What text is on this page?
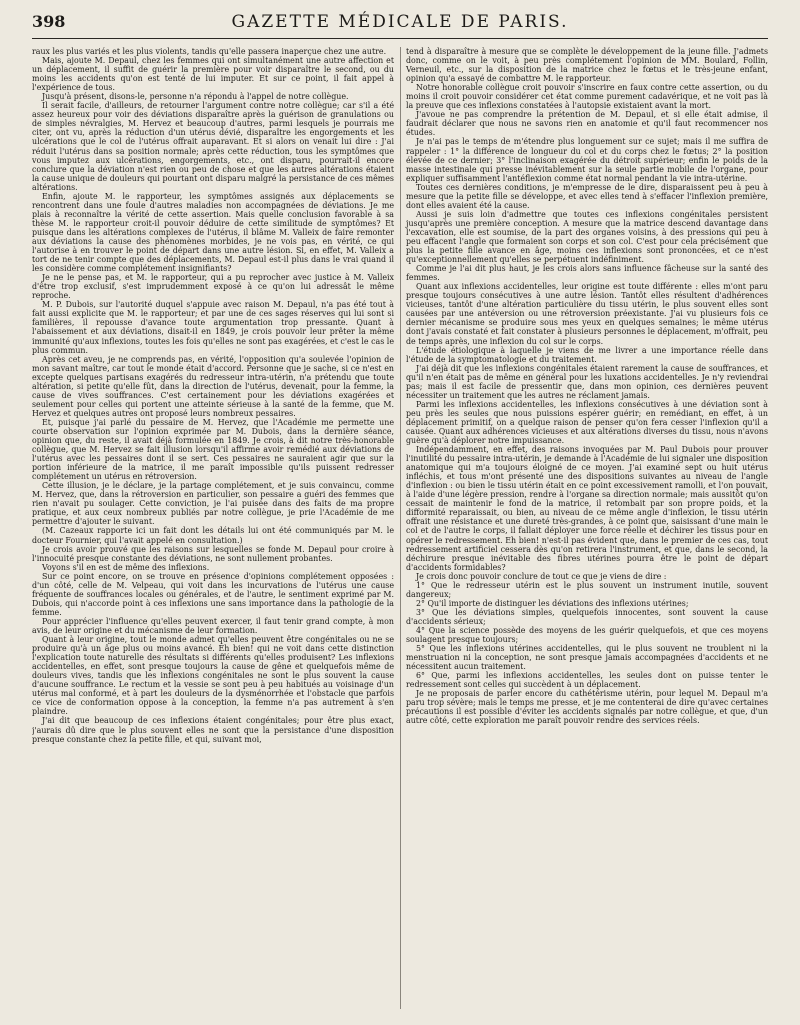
398	GAZETTE MÉDICALE DE PARIS.

raux les plus variés et les plus violents, tandis qu'elle passera inaperçue chez une autre.

Mais, ajoute M. Depaul, chez les femmes qui ont simultanément une autre affection et un déplacement, il suffit de guérir la première pour voir disparaître le second, ou du moins les accidents qu'on est tenté de lui imputer. Et sur ce point, il fait appel à l'expérience de tous.

Jusqu'à présent, disons-le, personne n'a répondu à l'appel de notre collègue.

Il serait facile, d'ailleurs, de retourner l'argument contre notre collègue; car s'il a été assez heureux pour voir des déviations disparaître après la guérison de granulations ou de simples névralgies, M. Hervez et beaucoup d'autres, parmi lesquels je pourrais me citer, ont vu, après la réduction d'un utérus dévié, disparaître les engorgements et les ulcérations que le col de l'utérus offrait auparavant. Et si alors on venait lui dire : J'ai réduit l'utérus dans sa position normale; après cette réduction, tous les symptômes que vous imputez aux ulcérations, engorgements, etc., ont disparu, pourrait-il encore conclure que la déviation n'est rien ou peu de chose et que les autres altérations étaient la cause unique de douleurs qui pourtant ont disparu malgré la persistance de ces mêmes altérations.

Enfin, ajoute M. le rapporteur, les symptômes assignés aux déplacements se rencontrent dans une foule d'autres maladies non accompagnées de déviations. Je me plais à reconnaître la vérité de cette assertion. Mais quelle conclusion favorable à sa thèse M. le rapporteur croit-il pouvoir déduire de cette similitude de symptômes? Et puisque dans les altérations complexes de l'utérus, il blâme M. Valleix de faire remonter aux déviations la cause des phénomènes morbides, je ne vois pas, en vérité, ce qui l'autorise à en trouver le point de départ dans une autre lésion. Si, en effet, M. Valleix a tort de ne tenir compte que des déplacements, M. Depaul est-il plus dans le vrai quand il les considère comme complétement insignifiants?

Je ne le pense pas, et M. le rapporteur, qui a pu reprocher avec justice à M. Valleix d'être trop exclusif, s'est imprudemment exposé à ce qu'on lui adressât le même reproche.

M. P. Dubois, sur l'autorité duquel s'appuie avec raison M. Depaul, n'a pas été tout à fait aussi explicite que M. le rapporteur; et par une de ces sages réserves qui lui sont si familières, il repousse d'avance toute argumentation trop pressante. Quant à l'abaissement et aux déviations, disait-il en 1849, je crois pouvoir leur prêter la même immunité qu'aux inflexions, toutes les fois qu'elles ne sont pas exagérées, et c'est le cas le plus commun.

Après cet aveu, je ne comprends pas, en vérité, l'opposition qu'a soulevée l'opinion de mon savant maître, car tout le monde était d'accord. Personne que je sache, si ce n'est en excepte quelques partisans exagérés du redresseur intra-utérin, n'a prétendu que toute altération, si petite qu'elle fût, dans la direction de l'utérus, devenait, pour la femme, la cause de vives souffrances. C'est certainement pour les déviations exagérées et seulement pour celles qui portent une atteinte sérieuse à la santé de la femme, que M. Hervez et quelques autres ont proposé leurs nombreux pessaires.

Et, puisque j'ai parlé du pessaire de M. Hervez, que l'Académie me permette une courte observation sur l'opinion exprimée par M. Dubois, dans la dernière séance, opinion que, du reste, il avait déjà formulée en 1849. Je crois, à dit notre très-honorable collègue, que M. Hervez se fait illusion lorsqu'il affirme avoir remédié aux déviations de l'utérus avec les pessaires dont il se sert. Ces pessaires ne sauraient agir que sur la portion inférieure de la matrice, il me paraît impossible qu'ils puissent redresser complétement un utérus en rétroversion.

Cette illusion, je le déclare, je la partage complétement, et je suis convaincu, comme M. Hervez, que, dans la rétroversion en particulier, son pessaire a guéri des femmes que rien n'avait pu soulager. Cette conviction, je l'ai puisée dans des faits de ma propre pratique, et aux ceux nombreux publiés par notre collègue, je prie l'Académie de me permettre d'ajouter le suivant.

(M. Cazeaux rapporte ici un fait dont les détails lui ont été communiqués par M. le docteur Fournier, qui l'avait appelé en consultation.)

Je crois avoir prouvé que les raisons sur lesquelles se fonde M. Depaul pour croire à l'innocuité presque constante des déviations, ne sont nullement probantes.

Voyons s'il en est de même des inflexions.

Sur ce point encore, on se trouve en présence d'opinions complétement opposées : d'un côté, celle de M. Velpeau, qui voit dans les incurvations de l'utérus une cause fréquente de souffrances locales ou générales, et de l'autre, le sentiment exprimé par M. Dubois, qui n'accorde point à ces inflexions une sans importance dans la pathologie de la femme.

Pour apprécier l'influence qu'elles peuvent exercer, il faut tenir grand compte, à mon avis, de leur origine et du mécanisme de leur formation.

Quant à leur origine, tout le monde admet qu'elles peuvent être congénitales ou ne se produire qu'à un âge plus ou moins avancé. Eh bien! qui ne voit dans cette distinction l'explication toute naturelle des résultats si différents qu'elles produisent? Les inflexions accidentelles, en effet, sont presque toujours la cause de gêne et quelquefois même de douleurs vives, tandis que les inflexions congénitales ne sont le plus souvent la cause d'aucune souffrance. Le rectum et la vessie se sont peu à peu habitués au voisinage d'un utérus mal conformé, et à part les douleurs de la dysménorrhée et l'obstacle que parfois ce vice de conformation oppose à la conception, la femme n'a pas autrement à s'en plaindre.

J'ai dit que beaucoup de ces inflexions étaient congénitales; pour être plus exact, j'aurais dû dire que le plus souvent elles ne sont que la persistance d'une disposition presque constante chez la petite fille, et qui, suivant moi,

tend à disparaître à mesure que se complète le développement de la jeune fille. J'admets donc, comme on le voit, à peu près complétement l'opinion de MM. Boulard, Follin, Verneuil, etc., sur la disposition de la matrice chez le fœtus et le très-jeune enfant, opinion qu'a essayé de combattre M. le rapporteur.

Notre honorable collègue croit pouvoir s'inscrire en faux contre cette assertion, ou du moins il croit pouvoir considérer cet état comme purement cadavérique, et ne voit pas là la preuve que ces inflexions constatées à l'autopsie existaient avant la mort.

J'avoue ne pas comprendre la prétention de M. Depaul, et si elle était admise, il faudrait déclarer que nous ne savons rien en anatomie et qu'il faut recommencer nos études.

Je n'ai pas le temps de m'étendre plus longuement sur ce sujet; mais il me suffira de rappeler : 1° la différence de longueur du col et du corps chez le fœtus; 2° la position élevée de ce dernier; 3° l'inclinaison exagérée du détroit supérieur; enfin le poids de la masse intestinale qui presse inévitablement sur la seule partie mobile de l'organe, pour expliquer suffisamment l'antéflexion comme état normal pendant la vie intra-utérine.

Toutes ces dernières conditions, je m'empresse de le dire, disparaissent peu à peu à mesure que la petite fille se développe, et avec elles tend à s'effacer l'inflexion première, dont elles avaient été la cause.

Aussi je suis loin d'admettre que toutes ces inflexions congénitales persistent jusqu'après une première conception. A mesure que la matrice descend davantage dans l'excavation, elle est soumise, de la part des organes voisins, à des pressions qui peu à peu effacent l'angle que formaient son corps et son col. C'est pour cela précisément que plus la petite fille avance en âge, moins ces inflexions sont prononcées, et ce n'est qu'exceptionnellement qu'elles se perpétuent indéfiniment.

Comme je l'ai dit plus haut, je les crois alors sans influence fâcheuse sur la santé des femmes.

Quant aux inflexions accidentelles, leur origine est toute différente : elles m'ont paru presque toujours consécutives à une autre lésion. Tantôt elles résultent d'adhérences vicieuses, tantôt d'une altération particulière du tissu utérin, le plus souvent elles sont causées par une antéversion ou une rétroversion préexistante. J'ai vu plusieurs fois ce dernier mécanisme se produire sous mes yeux en quelques semaines; le même utérus dont j'avais constaté et fait constater à plusieurs personnes le déplacement, m'offrait, peu de temps après, une inflexion du col sur le corps.

L'étude étiologique à laquelle je viens de me livrer a une importance réelle dans l'étude de la symptomatologie et du traitement.

J'ai déjà dit que les inflexions congénitales étaient rarement la cause de souffrances, et qu'il n'en était pas de même en général pour les luxations accidentelles. Je n'y reviendrai pas; mais il est facile de pressentir que, dans mon opinion, ces dernières peuvent nécessiter un traitement que les autres ne réclament jamais.

Parmi les inflexions accidentelles, les inflexions consécutives à une déviation sont à peu près les seules que nous puissions espérer guérir; en remédiant, en effet, à un déplacement primitif, on a quelque raison de penser qu'on fera cesser l'inflexion qu'il a causée. Quant aux adhérences vicieuses et aux altérations diverses du tissu, nous n'avons guère qu'à déplorer notre impuissance.

Indépendamment, en effet, des raisons invoquées par M. Paul Dubois pour prouver l'inutilité du pessaire intra-utérin, je demande à l'Académie de lui signaler une disposition anatomique qui m'a toujours éloigné de ce moyen. J'ai examiné sept ou huit utérus infléchis, et tous m'ont présenté une des dispositions suivantes au niveau de l'angle d'inflexion : ou bien le tissu utérin était en ce point excessivement ramolli, et l'on pouvait, à l'aide d'une légère pression, rendre à l'organe sa direction normale; mais aussitôt qu'on cessait de maintenir le fond de la matrice, il retombait par son propre poids, et la difformité reparaissait, ou bien, au niveau de ce même angle d'inflexion, le tissu utérin offrait une résistance et une dureté très-grandes, à ce point que, saisissant d'une main le col et de l'autre le corps, il fallait déployer une force réelle et déchirer les tissus pour en opérer le redressement. Eh bien! n'est-il pas évident que, dans le premier de ces cas, tout redressement artificiel cessera dès qu'on retirera l'instrument, et que, dans le second, la déchirure presque inévitable des fibres utérines pourra être le point de départ d'accidents formidables?

Je crois donc pouvoir conclure de tout ce que je viens de dire :

1° Que le redresseur utérin est le plus souvent un instrument inutile, souvent dangereux;

2° Qu'il importe de distinguer les déviations des inflexions utérines;

3° Que les déviations simples, quelquefois innocentes, sont souvent la cause d'accidents sérieux;

4° Que la science possède des moyens de les guérir quelquefois, et que ces moyens soulagent presque toujours;

5° Que les inflexions utérines accidentelles, qui le plus souvent ne troublent ni la menstruation ni la conception, ne sont presque jamais accompagnées d'accidents et ne nécessitent aucun traitement.

6° Que, parmi les inflexions accidentelles, les seules dont on puisse tenter le redressement sont celles qui succèdent à un déplacement.

Je ne proposais de parler encore du cathétérisme utérin, pour lequel M. Depaul m'a paru trop sévère; mais le temps me presse, et je me contenterai de dire qu'avec certaines précautions il est possible d'éviter les accidents signalés par notre collègue, et que, d'un autre côté, cette exploration me paraît pouvoir rendre des services réels.
